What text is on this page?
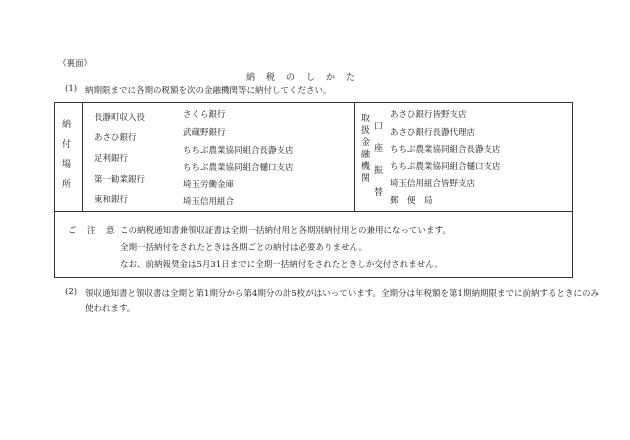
（裏面）
納　税　の　し　か　た
(1) 納期限までに各期の税額を次の金融機関等に納付してください。
納
付
場
所
長瀞町収入役
あさひ銀行
足利銀行
第一勧業銀行
東和銀行
さくら銀行
武蔵野銀行
ちちぶ農業協同組合長瀞支店
ちちぶ農業協同組合樋口支店
埼玉労働金庫
埼玉信用組合
取
扱
金
融
機
関
口
座
振
替
あさひ銀行皆野支店
あさひ銀行長瀞代理店
ちちぶ農業協同組合長瀞支店
ちちぶ農業協同組合樋口支店
埼玉信用組合皆野支店
郵　便　局
ご　注　意 この納税通知書兼領収証書は全期一括納付用と各期別納付用との兼用になっています。
全期一括納付をされたときは各期ごとの納付は必要ありません。
なお、前納報奨金は5月31日までに全期一括納付をされたときしか交付されません。
(2) 領収通知書と領収書は全期と第1期分から第4期分の計5枚がはいっています。全期分は年税額を第1期納期限までに前納するときにのみ
使われます。
